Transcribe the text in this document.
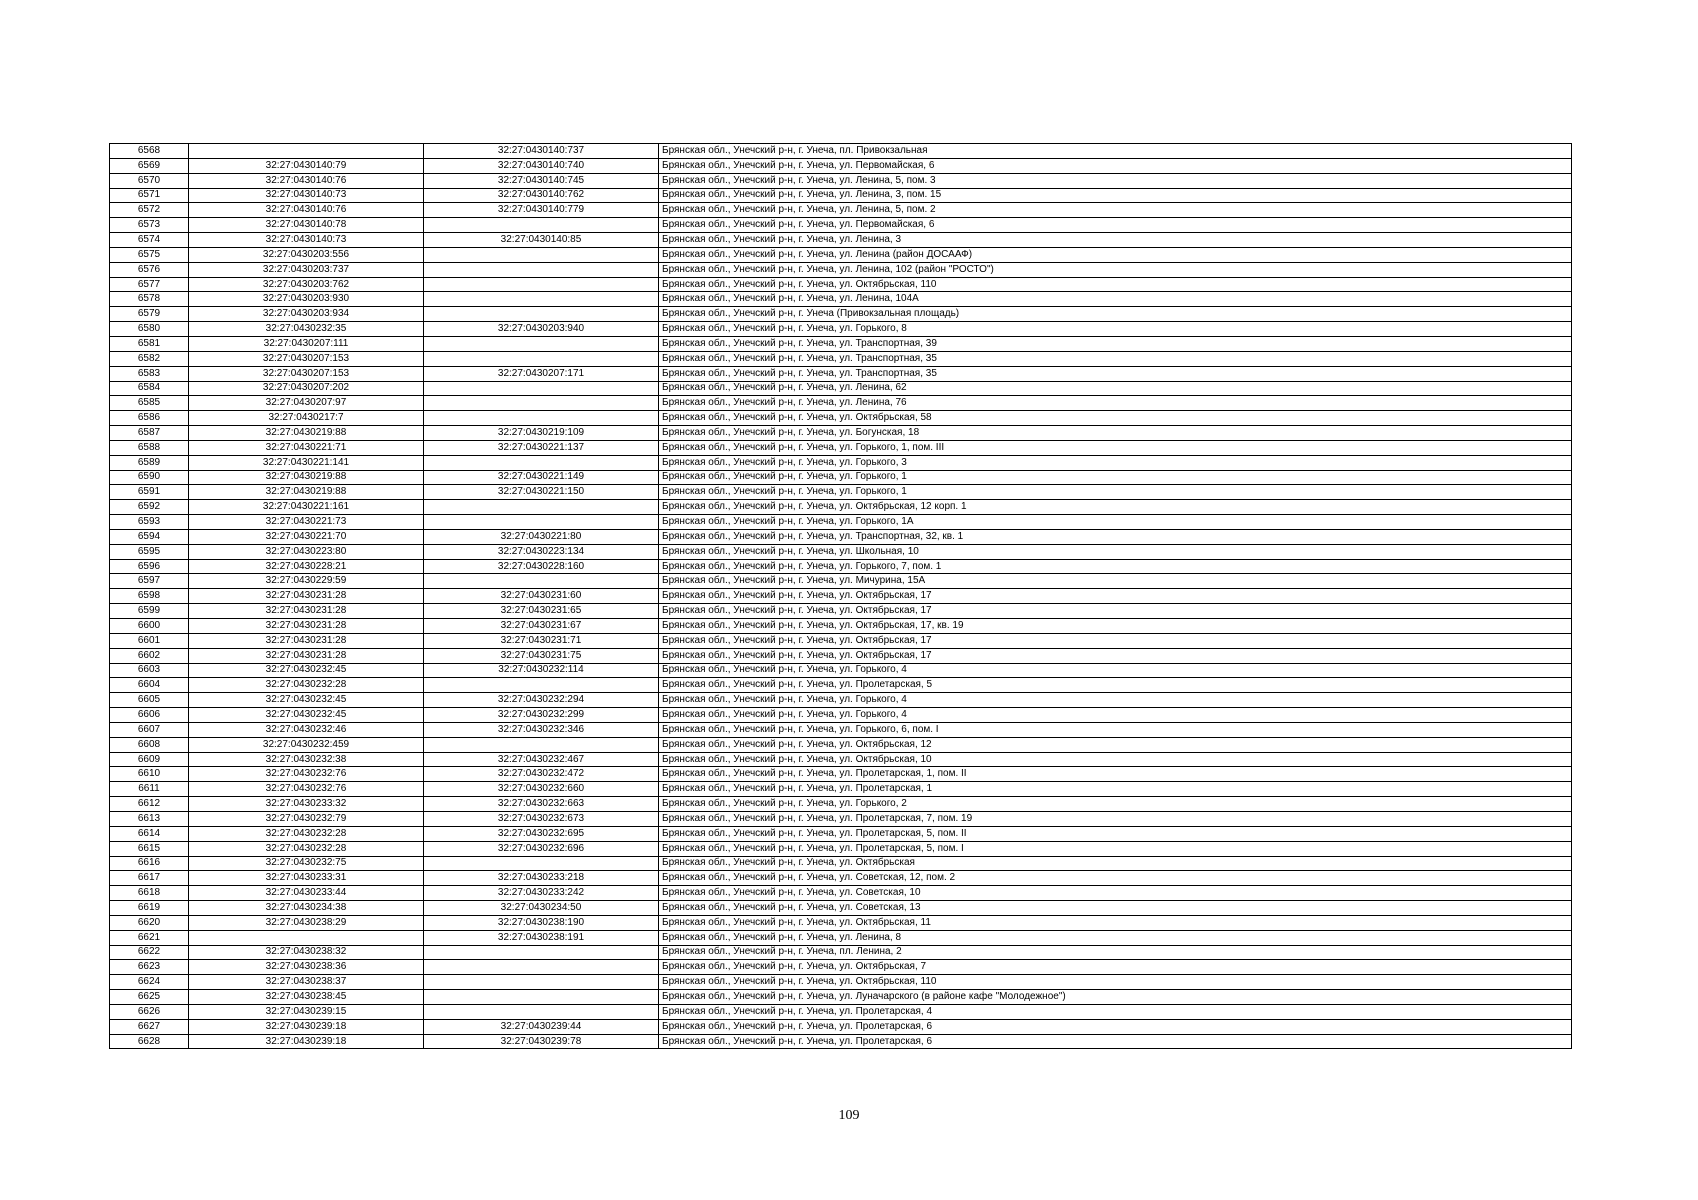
6568		32:27:0430140:737	Брянская обл., Унечский р-н, г. Унеча, пл. Привокзальная
6569	32:27:0430140:79	32:27:0430140:740	Брянская обл., Унечский р-н, г. Унеча, ул. Первомайская, 6
6570	32:27:0430140:76	32:27:0430140:745	Брянская обл., Унечский р-н, г. Унеча, ул. Ленина, 5, пом. 3
6571	32:27:0430140:73	32:27:0430140:762	Брянская обл., Унечский р-н, г. Унеча, ул. Ленина, 3, пом. 15
6572	32:27:0430140:76	32:27:0430140:779	Брянская обл., Унечский р-н, г. Унеча, ул. Ленина, 5, пом. 2
6573	32:27:0430140:78		Брянская обл., Унечский р-н, г. Унеча, ул. Первомайская, 6
6574	32:27:0430140:73	32:27:0430140:85	Брянская обл., Унечский р-н, г. Унеча, ул. Ленина, 3
6575	32:27:0430203:556		Брянская обл., Унечский р-н, г. Унеча, ул. Ленина (район ДОСААФ)
6576	32:27:0430203:737		Брянская обл., Унечский р-н, г. Унеча, ул. Ленина, 102 (район "РОСТО")
6577	32:27:0430203:762		Брянская обл., Унечский р-н, г. Унеча, ул. Октябрьская, 110
6578	32:27:0430203:930		Брянская обл., Унечский р-н, г. Унеча, ул. Ленина, 104А
6579	32:27:0430203:934		Брянская обл., Унечский р-н, г. Унеча (Привокзальная площадь)
6580	32:27:0430232:35	32:27:0430203:940	Брянская обл., Унечский р-н, г. Унеча, ул. Горького, 8
6581	32:27:0430207:111		Брянская обл., Унечский р-н, г. Унеча, ул. Транспортная, 39
6582	32:27:0430207:153		Брянская обл., Унечский р-н, г. Унеча, ул. Транспортная, 35
6583	32:27:0430207:153	32:27:0430207:171	Брянская обл., Унечский р-н, г. Унеча, ул. Транспортная, 35
6584	32:27:0430207:202		Брянская обл., Унечский р-н, г. Унеча, ул. Ленина, 62
6585	32:27:0430207:97		Брянская обл., Унечский р-н, г. Унеча, ул. Ленина, 76
6586	32:27:0430217:7		Брянская обл., Унечский р-н, г. Унеча, ул. Октябрьская, 58
6587	32:27:0430219:88	32:27:0430219:109	Брянская обл., Унечский р-н, г. Унеча, ул. Богунская, 18
6588	32:27:0430221:71	32:27:0430221:137	Брянская обл., Унечский р-н, г. Унеча, ул. Горького, 1, пом. III
6589	32:27:0430221:141		Брянская обл., Унечский р-н, г. Унеча, ул. Горького, 3
6590	32:27:0430219:88	32:27:0430221:149	Брянская обл., Унечский р-н, г. Унеча, ул. Горького, 1
6591	32:27:0430219:88	32:27:0430221:150	Брянская обл., Унечский р-н, г. Унеча, ул. Горького, 1
6592	32:27:0430221:161		Брянская обл., Унечский р-н, г. Унеча, ул. Октябрьская, 12 корп. 1
6593	32:27:0430221:73		Брянская обл., Унечский р-н, г. Унеча, ул. Горького, 1А
6594	32:27:0430221:70	32:27:0430221:80	Брянская обл., Унечский р-н, г. Унеча, ул. Транспортная, 32, кв. 1
6595	32:27:0430223:80	32:27:0430223:134	Брянская обл., Унечский р-н, г. Унеча, ул. Школьная, 10
6596	32:27:0430228:21	32:27:0430228:160	Брянская обл., Унечский р-н, г. Унеча, ул. Горького, 7, пом. 1
6597	32:27:0430229:59		Брянская обл., Унечский р-н, г. Унеча, ул. Мичурина, 15А
6598	32:27:0430231:28	32:27:0430231:60	Брянская обл., Унечский р-н, г. Унеча, ул. Октябрьская, 17
6599	32:27:0430231:28	32:27:0430231:65	Брянская обл., Унечский р-н, г. Унеча, ул. Октябрьская, 17
6600	32:27:0430231:28	32:27:0430231:67	Брянская обл., Унечский р-н, г. Унеча, ул. Октябрьская, 17, кв. 19
6601	32:27:0430231:28	32:27:0430231:71	Брянская обл., Унечский р-н, г. Унеча, ул. Октябрьская, 17
6602	32:27:0430231:28	32:27:0430231:75	Брянская обл., Унечский р-н, г. Унеча, ул. Октябрьская, 17
6603	32:27:0430232:45	32:27:0430232:114	Брянская обл., Унечский р-н, г. Унеча, ул. Горького, 4
6604	32:27:0430232:28		Брянская обл., Унечский р-н, г. Унеча, ул. Пролетарская, 5
6605	32:27:0430232:45	32:27:0430232:294	Брянская обл., Унечский р-н, г. Унеча, ул. Горького, 4
6606	32:27:0430232:45	32:27:0430232:299	Брянская обл., Унечский р-н, г. Унеча, ул. Горького, 4
6607	32:27:0430232:46	32:27:0430232:346	Брянская обл., Унечский р-н, г. Унеча, ул. Горького, 6, пом. I
6608	32:27:0430232:459		Брянская обл., Унечский р-н, г. Унеча, ул. Октябрьская, 12
6609	32:27:0430232:38	32:27:0430232:467	Брянская обл., Унечский р-н, г. Унеча, ул. Октябрьская, 10
6610	32:27:0430232:76	32:27:0430232:472	Брянская обл., Унечский р-н, г. Унеча, ул. Пролетарская, 1, пом. II
6611	32:27:0430232:76	32:27:0430232:660	Брянская обл., Унечский р-н, г. Унеча, ул. Пролетарская, 1
6612	32:27:0430233:32	32:27:0430232:663	Брянская обл., Унечский р-н, г. Унеча, ул. Горького, 2
6613	32:27:0430232:79	32:27:0430232:673	Брянская обл., Унечский р-н, г. Унеча, ул. Пролетарская, 7, пом. 19
6614	32:27:0430232:28	32:27:0430232:695	Брянская обл., Унечский р-н, г. Унеча, ул. Пролетарская, 5, пом. II
6615	32:27:0430232:28	32:27:0430232:696	Брянская обл., Унечский р-н, г. Унеча, ул. Пролетарская, 5, пом. I
6616	32:27:0430232:75		Брянская обл., Унечский р-н, г. Унеча, ул. Октябрьская
6617	32:27:0430233:31	32:27:0430233:218	Брянская обл., Унечский р-н, г. Унеча, ул. Советская, 12, пом. 2
6618	32:27:0430233:44	32:27:0430233:242	Брянская обл., Унечский р-н, г. Унеча, ул. Советская, 10
6619	32:27:0430234:38	32:27:0430234:50	Брянская обл., Унечский р-н, г. Унеча, ул. Советская, 13
6620	32:27:0430238:29	32:27:0430238:190	Брянская обл., Унечский р-н, г. Унеча, ул. Октябрьская, 11
6621		32:27:0430238:191	Брянская обл., Унечский р-н, г. Унеча, ул. Ленина, 8
6622	32:27:0430238:32		Брянская обл., Унечский р-н, г. Унеча, пл. Ленина, 2
6623	32:27:0430238:36		Брянская обл., Унечский р-н, г. Унеча, ул. Октябрьская, 7
6624	32:27:0430238:37		Брянская обл., Унечский р-н, г. Унеча, ул. Октябрьская, 110
6625	32:27:0430238:45		Брянская обл., Унечский р-н, г. Унеча, ул. Луначарского (в районе кафе "Молодежное")
6626	32:27:0430239:15		Брянская обл., Унечский р-н, г. Унеча, ул. Пролетарская, 4
6627	32:27:0430239:18	32:27:0430239:44	Брянская обл., Унечский р-н, г. Унеча, ул. Пролетарская, 6
6628	32:27:0430239:18	32:27:0430239:78	Брянская обл., Унечский р-н, г. Унеча, ул. Пролетарская, 6
109
